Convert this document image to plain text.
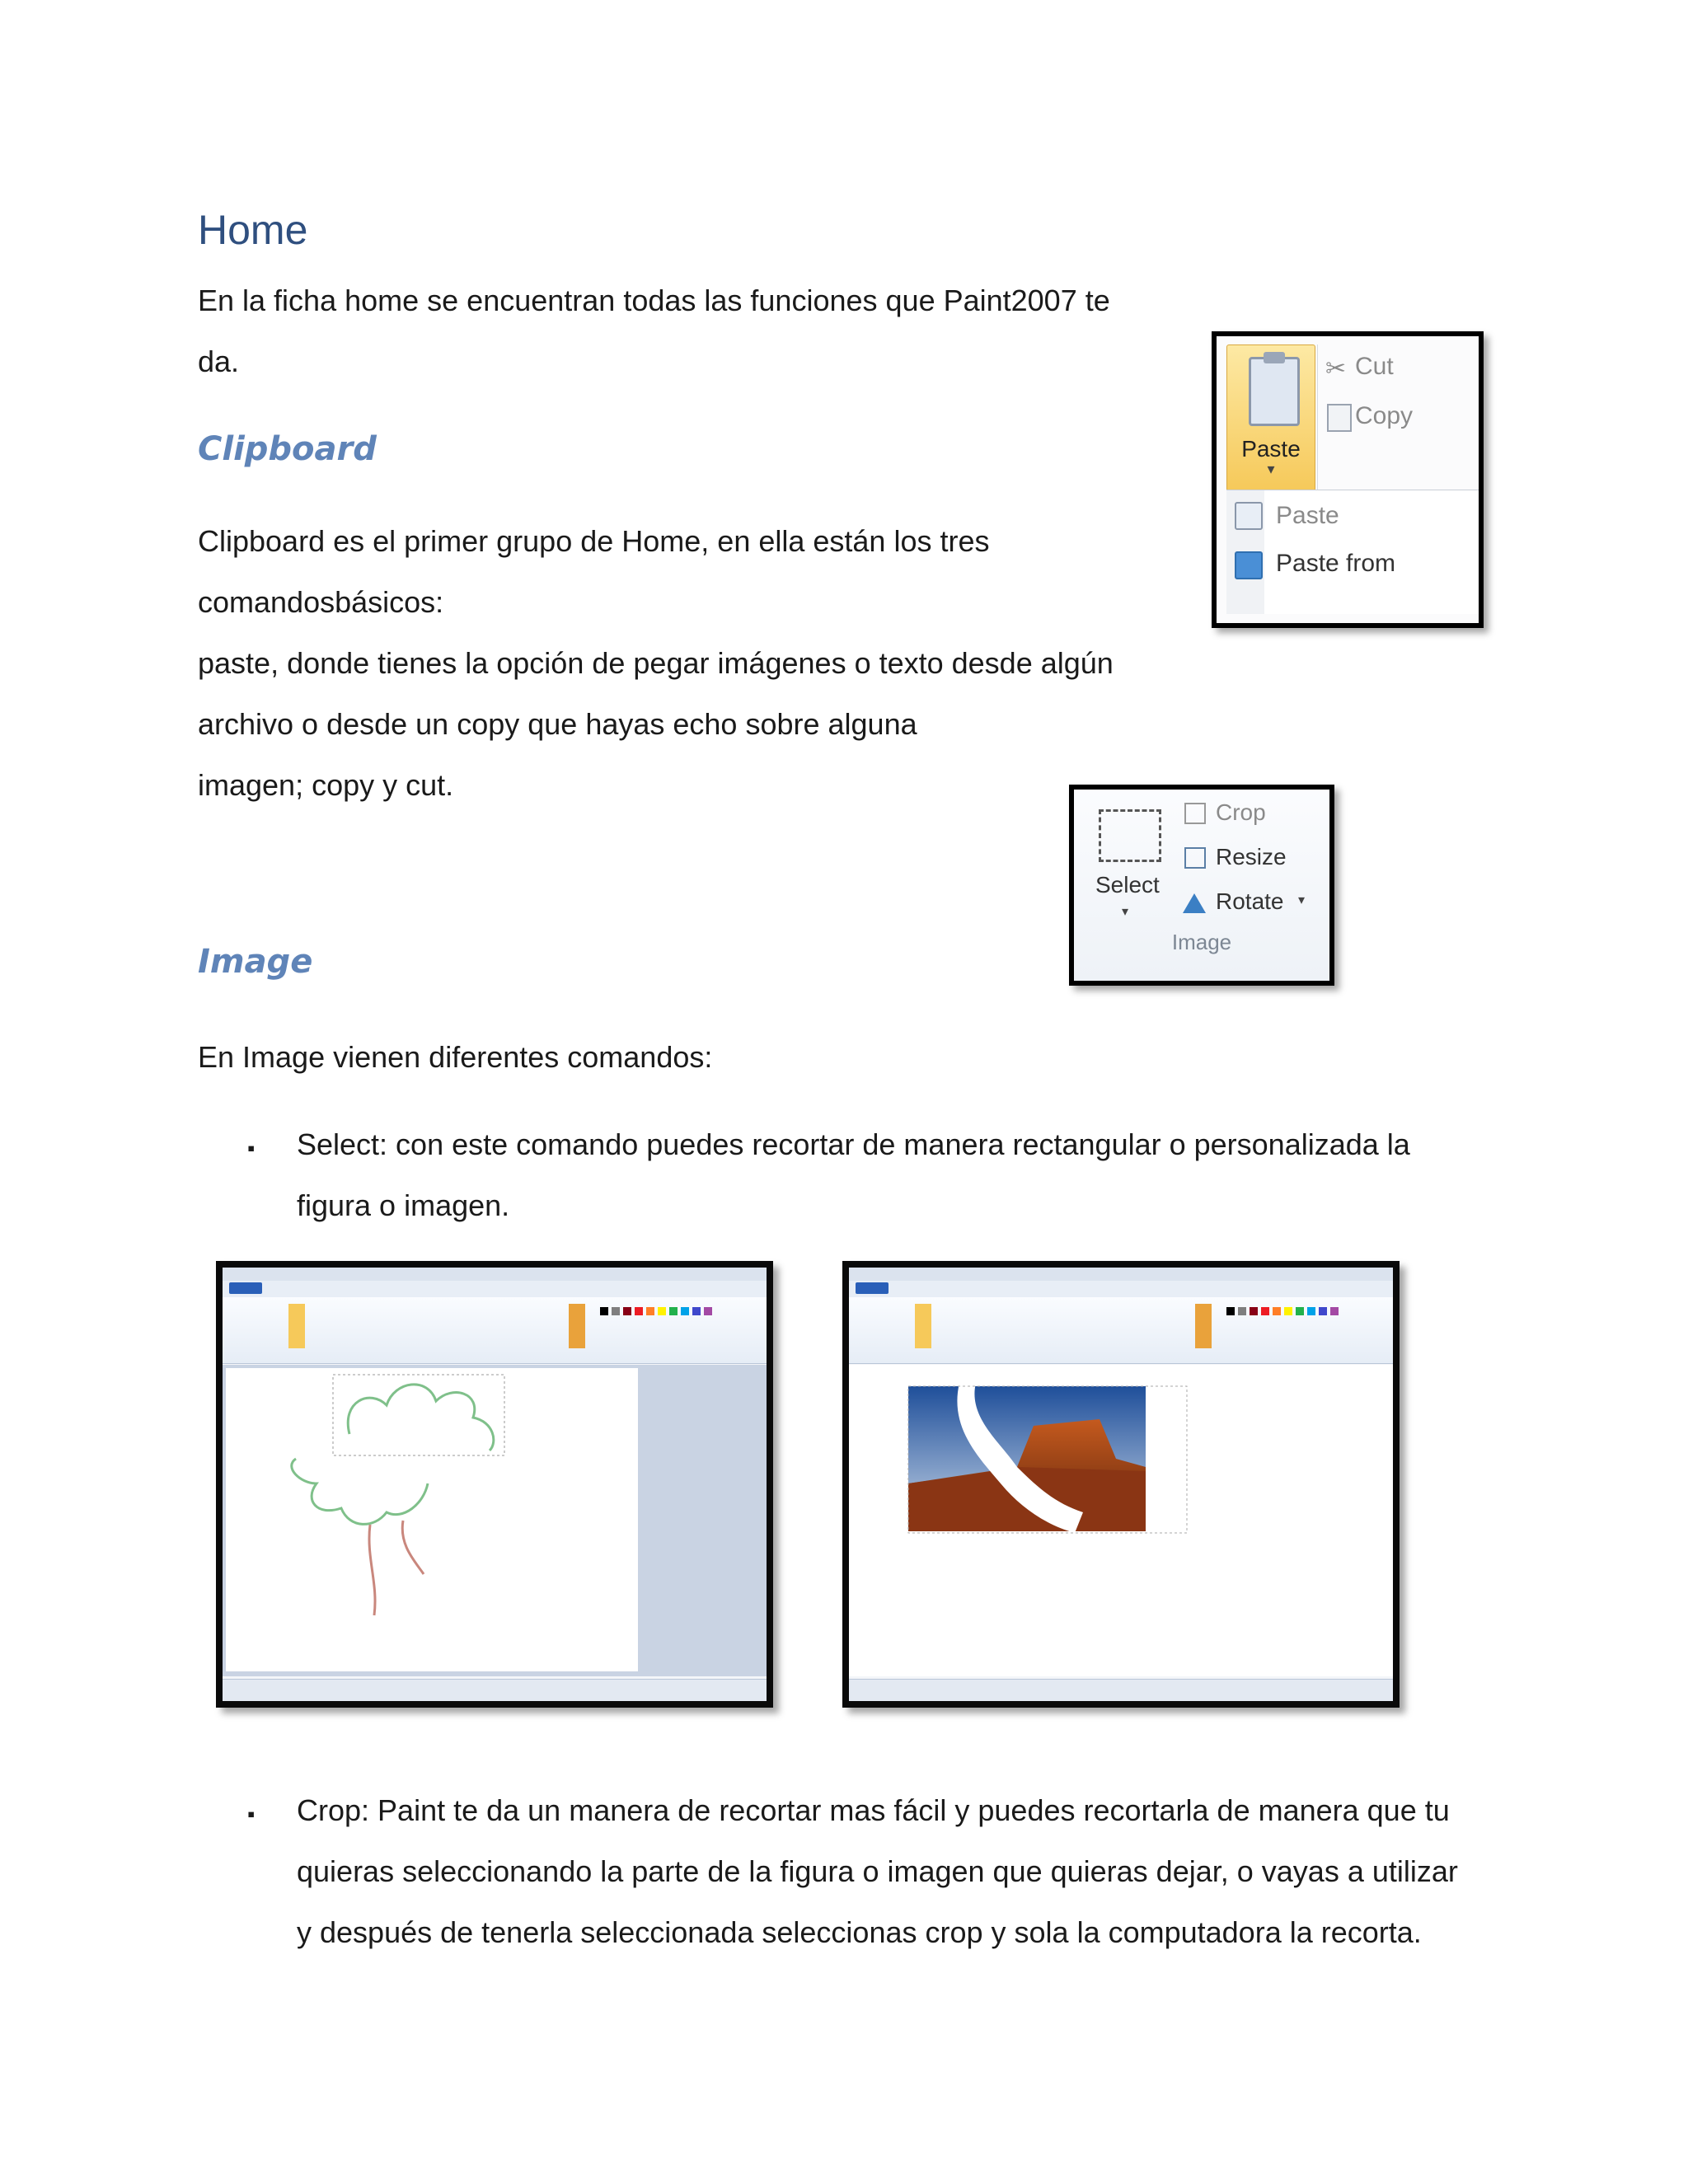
Home

En la ficha home se encuentran todas las funciones que Paint2007 te

da.

Clipboard

Clipboard es el primer grupo de Home, en ella están los tres

comandosbásicos:

paste, donde tienes la opción de pegar imágenes o texto desde algún

archivo o desde un copy que hayas echo sobre alguna

imagen; copy y cut.

Paste
▾
✂ Cut
Copy
Paste
Paste from
Image
Select
▾
Crop
Resize
Rotate ▾
Image

En Image vienen diferentes comandos:

▪ Select: con este comando puedes recortar de manera rectangular o personalizada la

figura o imagen.

▪ Crop: Paint te da un manera de recortar mas fácil y puedes recortarla de manera que tu

quieras seleccionando la parte de la figura o imagen que quieras dejar, o vayas a utilizar

y después de tenerla seleccionada seleccionas crop y sola la computadora la recorta.
